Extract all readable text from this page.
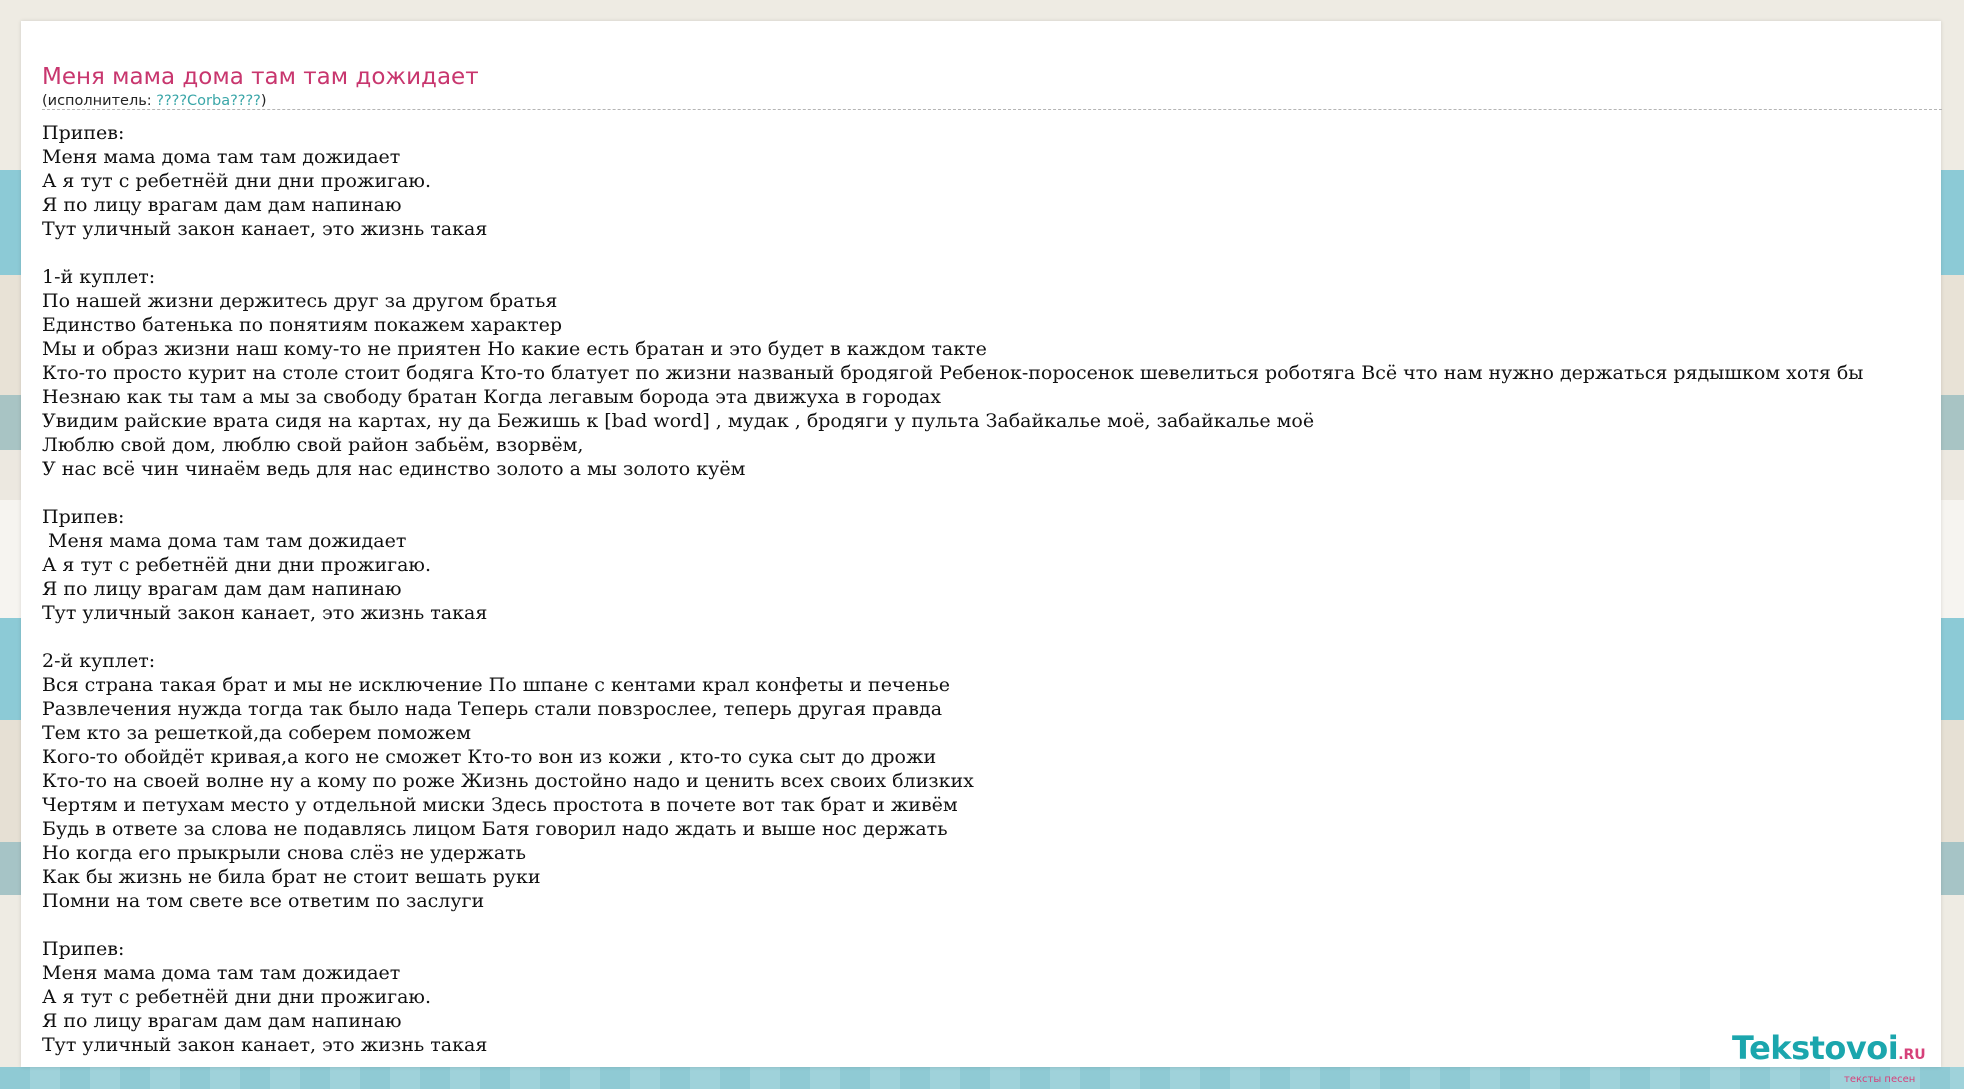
Меня мама дома там там дожидает
(исполнитель: ????Corba????)
Припев:
Меня мама дома там там дожидает
А я тут с ребетнёй дни дни прожигаю.
Я по лицу врагам дам дам напинаю
Тут уличный закон канает, это жизнь такая
1-й куплет:
По нашей жизни держитесь друг за другом братья
Единство батенька по понятиям покажем характер
Мы и образ жизни наш кому-то не приятен Но какие есть братан и это будет в каждом такте
Кто-то просто курит на столе стоит бодяга Кто-то блатует по жизни названый бродягой Ребенок-поросенок шевелиться роботяга Всё что нам нужно держаться рядышком хотя бы
Незнаю как ты там а мы за свободу братан Когда легавым борода эта движуха в городах
Увидим райские врата сидя на картах, ну да Бежишь к [bad word] , мудак , бродяги у пульта Забайкалье моё, забайкалье моё
Люблю свой дом, люблю свой район забьём, взорвём,
У нас всё чин чинаём ведь для нас единство золото а мы золото куём
Припев:
Меня мама дома там там дожидает
А я тут с ребетнёй дни дни прожигаю.
Я по лицу врагам дам дам напинаю
Тут уличный закон канает, это жизнь такая
2-й куплет:
Вся страна такая брат и мы не исключение По шпане с кентами крал конфеты и печенье
Развлечения нужда тогда так было нада Теперь стали повзрослее, теперь другая правда
Тем кто за решеткой,да соберем поможем
Кого-то обойдёт кривая,а кого не сможет Кто-то вон из кожи , кто-то сука сыт до дрожи
Кто-то на своей волне ну а кому по роже Жизнь достойно надо и ценить всех своих близких
Чертям и петухам место у отдельной миски Здесь простота в почете вот так брат и живём
Будь в ответе за слова не подавлясь лицом Батя говорил надо ждать и выше нос держать
Но когда его прыкрыли снова слёз не удержать
Как бы жизнь не била брат не стоит вешать руки
Помни на том свете все ответим по заслуги
Припев:
Меня мама дома там там дожидает
А я тут с ребетнёй дни дни прожигаю.
Я по лицу врагам дам дам напинаю
Тут уличный закон канает, это жизнь такая	Tekstovoi.RU
тексты песен
